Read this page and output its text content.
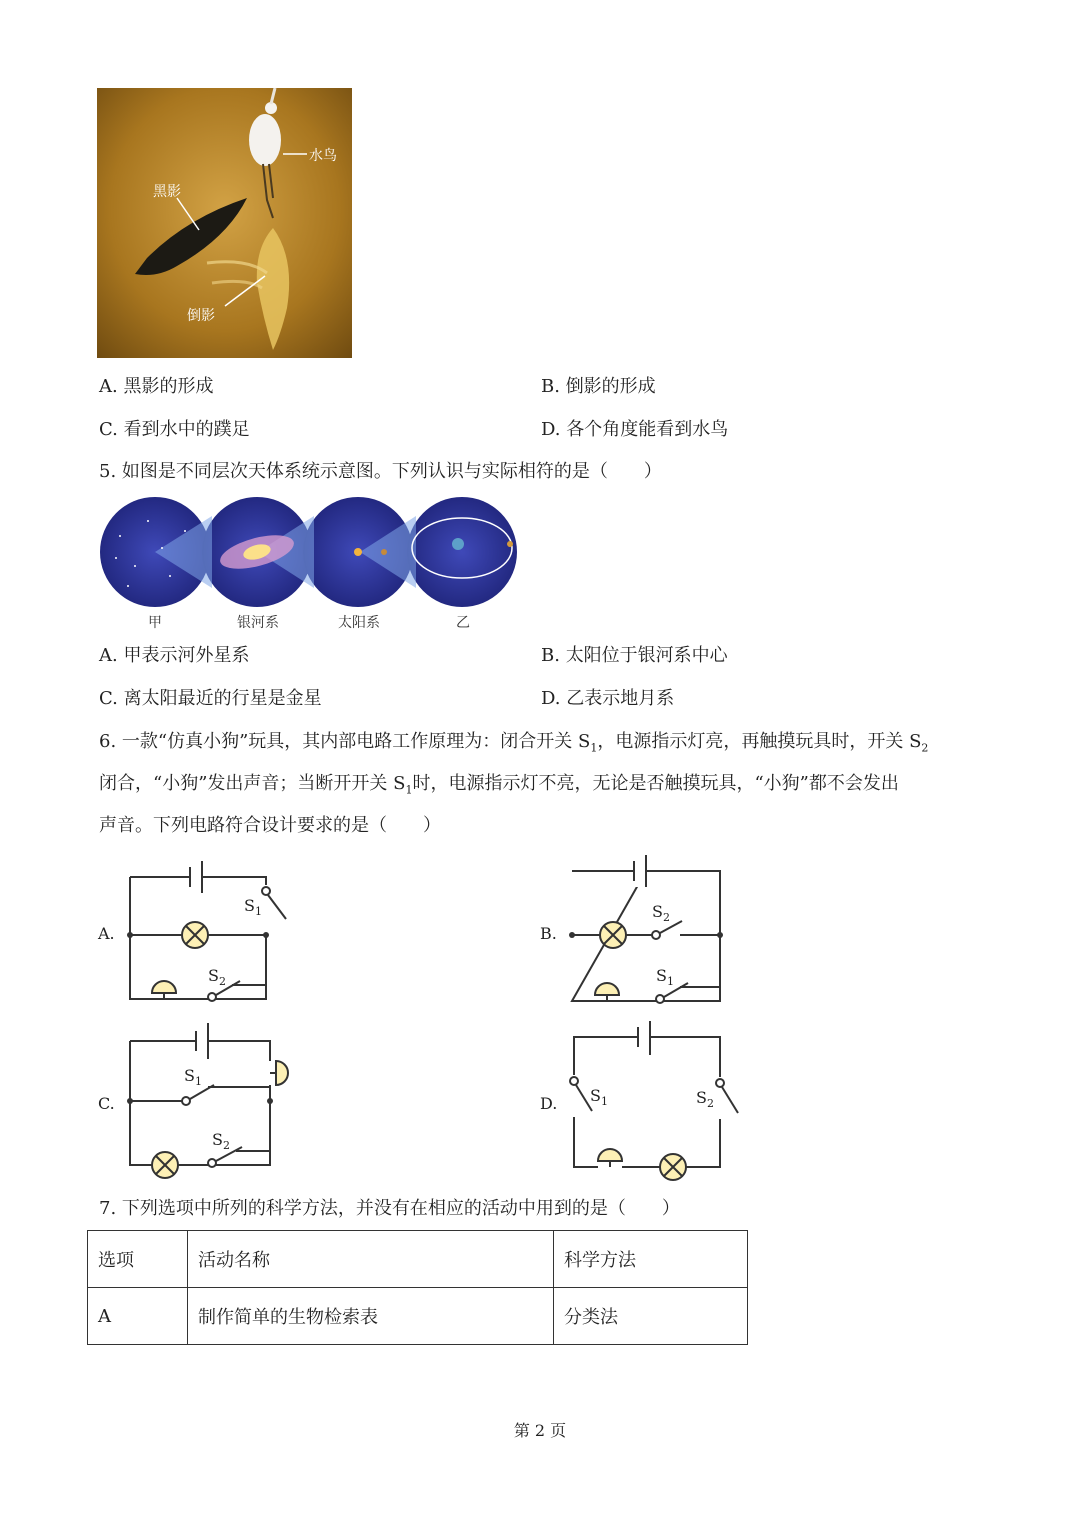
水鸟
黑影
倒影
A. 黑影的形成	B. 倒影的形成
C. 看到水中的蹼足	D. 各个角度能看到水鸟
5. 如图是不同层次天体系统示意图。下列认识与实际相符的是（　　）
甲	银河系	太阳系	乙
A. 甲表示河外星系	B. 太阳位于银河系中心
C. 离太阳最近的行星是金星	D. 乙表示地月系
6. 一款“仿真小狗”玩具，其内部电路工作原理为：闭合开关 $S_1$，电源指示灯亮，再触摸玩具时，开关 $S_2$
闭合，“小狗”发出声音；当断开开关 $S_1$时，电源指示灯不亮，无论是否触摸玩具，“小狗”都不会发出
声音。下列电路符合设计要求的是（　　）
A.
$S_1$
$S_2$
B.
$S_2$
$S_1$
C.
$S_1$
$S_2$
D. $S_1$	$S_2$
7. 下列选项中所列的科学方法，并没有在相应的活动中用到的是（　　）
选项	活动名称	科学方法
A	制作简单的生物检索表	分类法
第 2 页
